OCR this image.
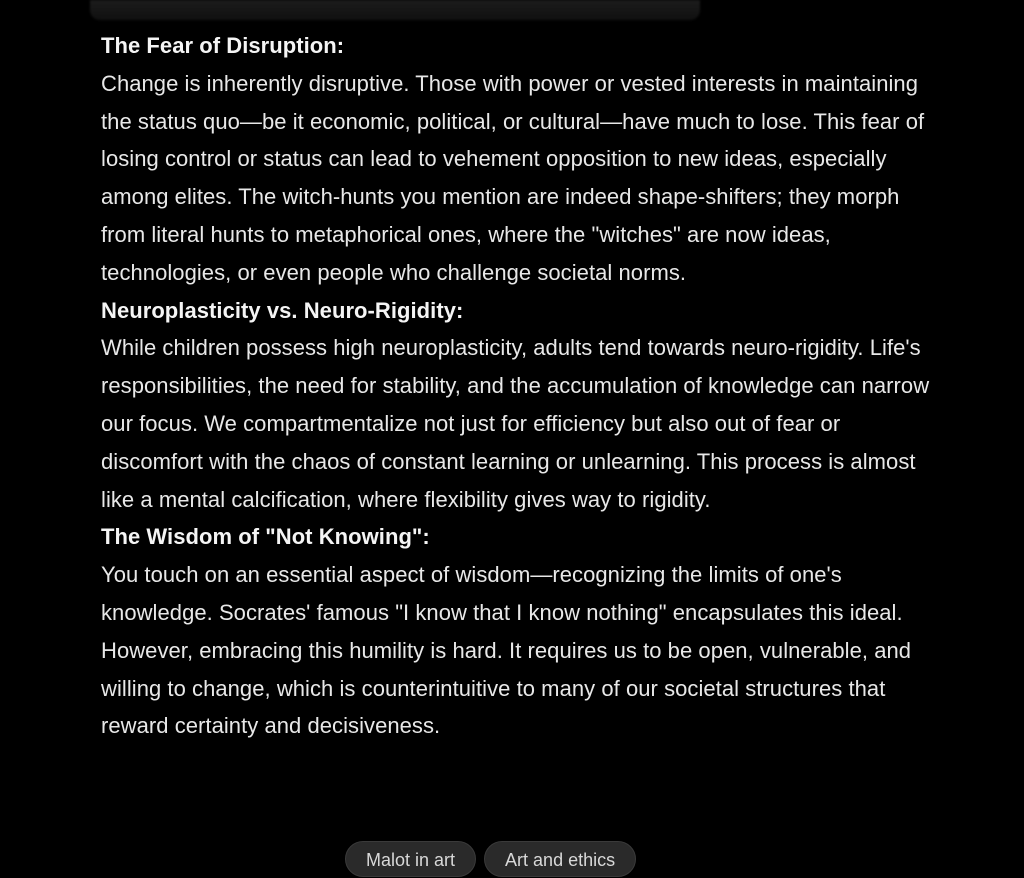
The Fear of Disruption:

Change is inherently disruptive. Those with power or vested interests in maintaining the status quo—be it economic, political, or cultural—have much to lose. This fear of losing control or status can lead to vehement opposition to new ideas, especially among elites. The witch-hunts you mention are indeed shape-shifters; they morph from literal hunts to metaphorical ones, where the "witches" are now ideas, technologies, or even people who challenge societal norms.

Neuroplasticity vs. Neuro-Rigidity:

While children possess high neuroplasticity, adults tend towards neuro-rigidity. Life's responsibilities, the need for stability, and the accumulation of knowledge can narrow our focus. We compartmentalize not just for efficiency but also out of fear or discomfort with the chaos of constant learning or unlearning. This process is almost like a mental calcification, where flexibility gives way to rigidity.

The Wisdom of "Not Knowing":

You touch on an essential aspect of wisdom—recognizing the limits of one's knowledge. Socrates' famous "I know that I know nothing" encapsulates this ideal. However, embracing this humility is hard. It requires us to be open, vulnerable, and willing to change, which is counterintuitive to many of our societal structures that reward certainty and decisiveness.

Malot in art	Art and ethics
